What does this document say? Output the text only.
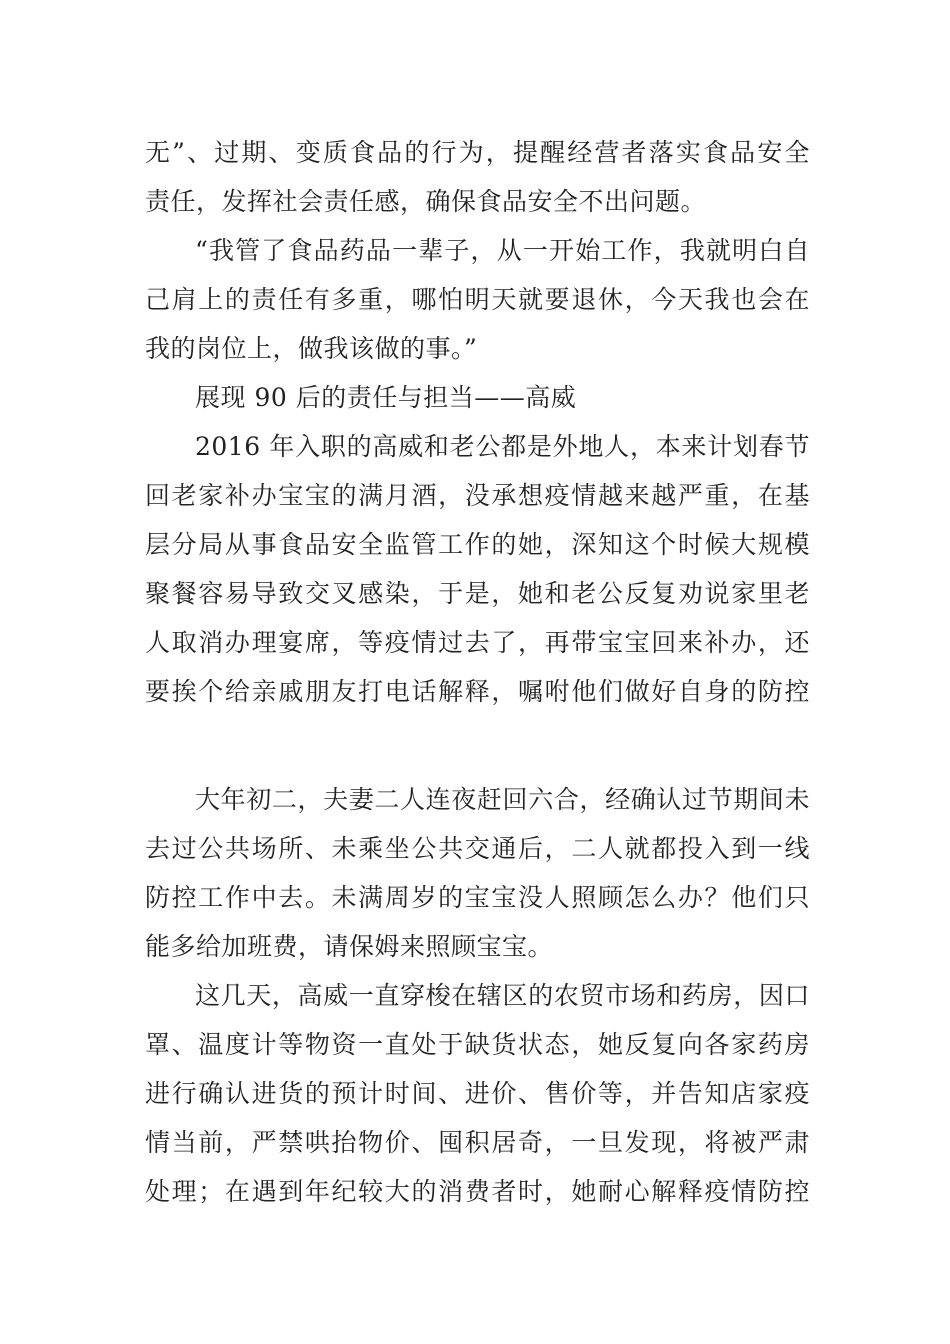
无”、过期、变质食品的行为，提醒经营者落实食品安全

责任，发挥社会责任感，确保食品安全不出问题。

“我管了食品药品一辈子，从一开始工作，我就明白自

己肩上的责任有多重，哪怕明天就要退休，今天我也会在

我的岗位上，做我该做的事。”

展现 90 后的责任与担当——高威

2016 年入职的高威和老公都是外地人，本来计划春节

回老家补办宝宝的满月酒，没承想疫情越来越严重，在基

层分局从事食品安全监管工作的她，深知这个时候大规模

聚餐容易导致交叉感染，于是，她和老公反复劝说家里老

人取消办理宴席，等疫情过去了，再带宝宝回来补办，还

要挨个给亲戚朋友打电话解释，嘱咐他们做好自身的防控

大年初二，夫妻二人连夜赶回六合，经确认过节期间未

去过公共场所、未乘坐公共交通后，二人就都投入到一线

防控工作中去。未满周岁的宝宝没人照顾怎么办？他们只

能多给加班费，请保姆来照顾宝宝。

这几天，高威一直穿梭在辖区的农贸市场和药房，因口

罩、温度计等物资一直处于缺货状态，她反复向各家药房

进行确认进货的预计时间、进价、售价等，并告知店家疫

情当前，严禁哄抬物价、囤积居奇，一旦发现，将被严肃

处理；在遇到年纪较大的消费者时，她耐心解释疫情防控
